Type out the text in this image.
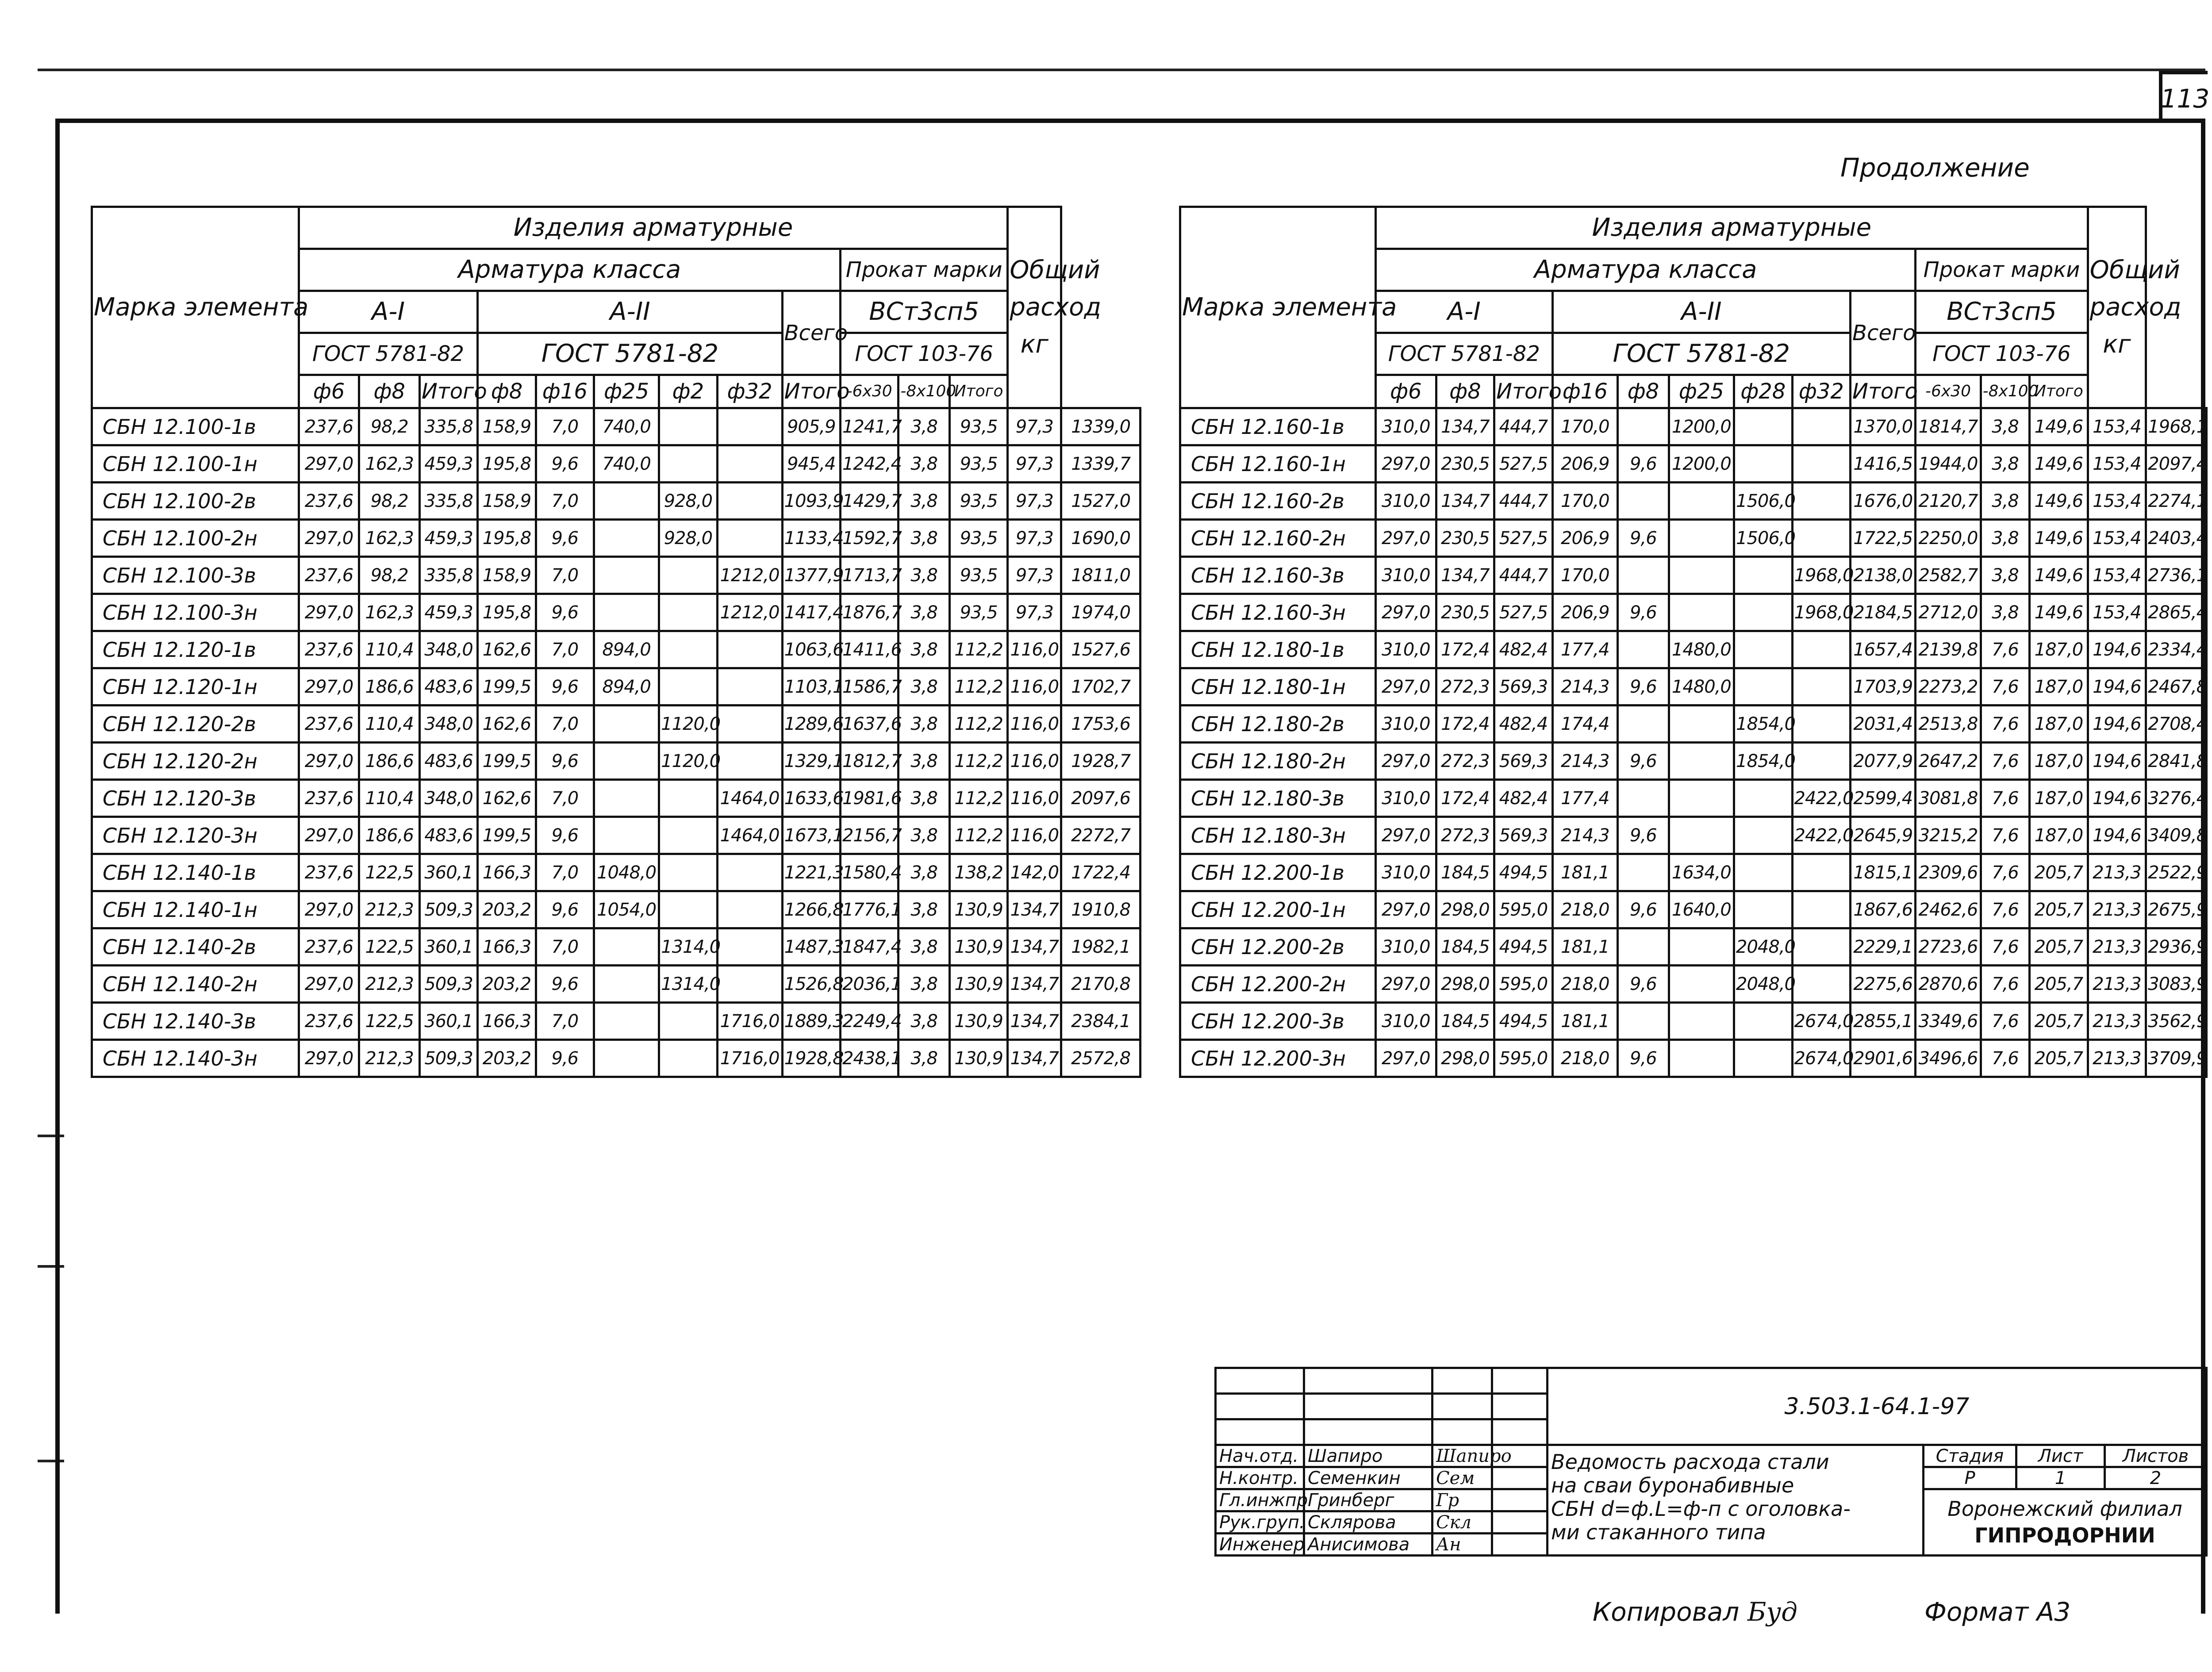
113
Продолжение
Марка элемента	Изделия арматурные												Общий
расход
кг	
	Арматура класса									Прокат марки				
	A-I			A-II					Всего	ВСт3сп5				
	ГОСТ 5781-82			ГОСТ 5781-82						ГОСТ 103-76				
	ф6	ф8	Итого	ф8	ф16	ф25	ф2	ф32	Итого	-6х30	-8х100	Итого		
СБН 12.100-1в	237,6	98,2	335,8	158,9	7,0	740,0			905,9	1241,7	3,8	93,5	97,3	1339,0
СБН 12.100-1н	297,0	162,3	459,3	195,8	9,6	740,0			945,4	1242,4	3,8	93,5	97,3	1339,7
СБН 12.100-2в	237,6	98,2	335,8	158,9	7,0		928,0		1093,9	1429,7	3,8	93,5	97,3	1527,0
СБН 12.100-2н	297,0	162,3	459,3	195,8	9,6		928,0		1133,4	1592,7	3,8	93,5	97,3	1690,0
СБН 12.100-3в	237,6	98,2	335,8	158,9	7,0			1212,0	1377,9	1713,7	3,8	93,5	97,3	1811,0
СБН 12.100-3н	297,0	162,3	459,3	195,8	9,6			1212,0	1417,4	1876,7	3,8	93,5	97,3	1974,0
СБН 12.120-1в	237,6	110,4	348,0	162,6	7,0	894,0			1063,6	1411,6	3,8	112,2	116,0	1527,6
СБН 12.120-1н	297,0	186,6	483,6	199,5	9,6	894,0			1103,1	1586,7	3,8	112,2	116,0	1702,7
СБН 12.120-2в	237,6	110,4	348,0	162,6	7,0		1120,0		1289,6	1637,6	3,8	112,2	116,0	1753,6
СБН 12.120-2н	297,0	186,6	483,6	199,5	9,6		1120,0		1329,1	1812,7	3,8	112,2	116,0	1928,7
СБН 12.120-3в	237,6	110,4	348,0	162,6	7,0			1464,0	1633,6	1981,6	3,8	112,2	116,0	2097,6
СБН 12.120-3н	297,0	186,6	483,6	199,5	9,6			1464,0	1673,1	2156,7	3,8	112,2	116,0	2272,7
СБН 12.140-1в	237,6	122,5	360,1	166,3	7,0	1048,0			1221,3	1580,4	3,8	138,2	142,0	1722,4
СБН 12.140-1н	297,0	212,3	509,3	203,2	9,6	1054,0			1266,8	1776,1	3,8	130,9	134,7	1910,8
СБН 12.140-2в	237,6	122,5	360,1	166,3	7,0		1314,0		1487,3	1847,4	3,8	130,9	134,7	1982,1
СБН 12.140-2н	297,0	212,3	509,3	203,2	9,6		1314,0		1526,8	2036,1	3,8	130,9	134,7	2170,8
СБН 12.140-3в	237,6	122,5	360,1	166,3	7,0			1716,0	1889,3	2249,4	3,8	130,9	134,7	2384,1
СБН 12.140-3н	297,0	212,3	509,3	203,2	9,6			1716,0	1928,8	2438,1	3,8	130,9	134,7	2572,8
Марка элемента	Изделия арматурные												Общий
расход
кг	
	Арматура класса									Прокат марки				
	A-I			A-II					Всего	ВСт3сп5				
	ГОСТ 5781-82			ГОСТ 5781-82						ГОСТ 103-76				
	ф6	ф8	Итого	ф16	ф8	ф25	ф28	ф32	Итого	-6х30	-8х100	Итого		
СБН 12.160-1в	310,0	134,7	444,7	170,0		1200,0			1370,0	1814,7	3,8	149,6	153,4	1968,1
СБН 12.160-1н	297,0	230,5	527,5	206,9	9,6	1200,0			1416,5	1944,0	3,8	149,6	153,4	2097,4
СБН 12.160-2в	310,0	134,7	444,7	170,0			1506,0		1676,0	2120,7	3,8	149,6	153,4	2274,1
СБН 12.160-2н	297,0	230,5	527,5	206,9	9,6		1506,0		1722,5	2250,0	3,8	149,6	153,4	2403,4
СБН 12.160-3в	310,0	134,7	444,7	170,0				1968,0	2138,0	2582,7	3,8	149,6	153,4	2736,1
СБН 12.160-3н	297,0	230,5	527,5	206,9	9,6			1968,0	2184,5	2712,0	3,8	149,6	153,4	2865,4
СБН 12.180-1в	310,0	172,4	482,4	177,4		1480,0			1657,4	2139,8	7,6	187,0	194,6	2334,4
СБН 12.180-1н	297,0	272,3	569,3	214,3	9,6	1480,0			1703,9	2273,2	7,6	187,0	194,6	2467,8
СБН 12.180-2в	310,0	172,4	482,4	174,4			1854,0		2031,4	2513,8	7,6	187,0	194,6	2708,4
СБН 12.180-2н	297,0	272,3	569,3	214,3	9,6		1854,0		2077,9	2647,2	7,6	187,0	194,6	2841,8
СБН 12.180-3в	310,0	172,4	482,4	177,4				2422,0	2599,4	3081,8	7,6	187,0	194,6	3276,4
СБН 12.180-3н	297,0	272,3	569,3	214,3	9,6			2422,0	2645,9	3215,2	7,6	187,0	194,6	3409,8
СБН 12.200-1в	310,0	184,5	494,5	181,1		1634,0			1815,1	2309,6	7,6	205,7	213,3	2522,9
СБН 12.200-1н	297,0	298,0	595,0	218,0	9,6	1640,0			1867,6	2462,6	7,6	205,7	213,3	2675,9
СБН 12.200-2в	310,0	184,5	494,5	181,1			2048,0		2229,1	2723,6	7,6	205,7	213,3	2936,9
СБН 12.200-2н	297,0	298,0	595,0	218,0	9,6		2048,0		2275,6	2870,6	7,6	205,7	213,3	3083,9
СБН 12.200-3в	310,0	184,5	494,5	181,1				2674,0	2855,1	3349,6	7,6	205,7	213,3	3562,9
СБН 12.200-3н	297,0	298,0	595,0	218,0	9,6			2674,0	2901,6	3496,6	7,6	205,7	213,3	3709,9
				3.503.1-64.1-97			

Нач.отд.	Шапиро	Шапиро		Ведомость расхода стали
на сваи буронабивные
СБН d=ф.L=ф-п с оголовка-
ми стаканного типа	Стадия	Лист	Листов
Н.контр.	Семенкин	Сем			Р	1	2
Гл.инжпр	Гринберг	Гр			Воронежский филиал
ГИПРОДОРНИИ		

Рук.груп.	Склярова	Скл					
Инженер	Анисимова	Ан					
Копировал Буд	Формат А3
